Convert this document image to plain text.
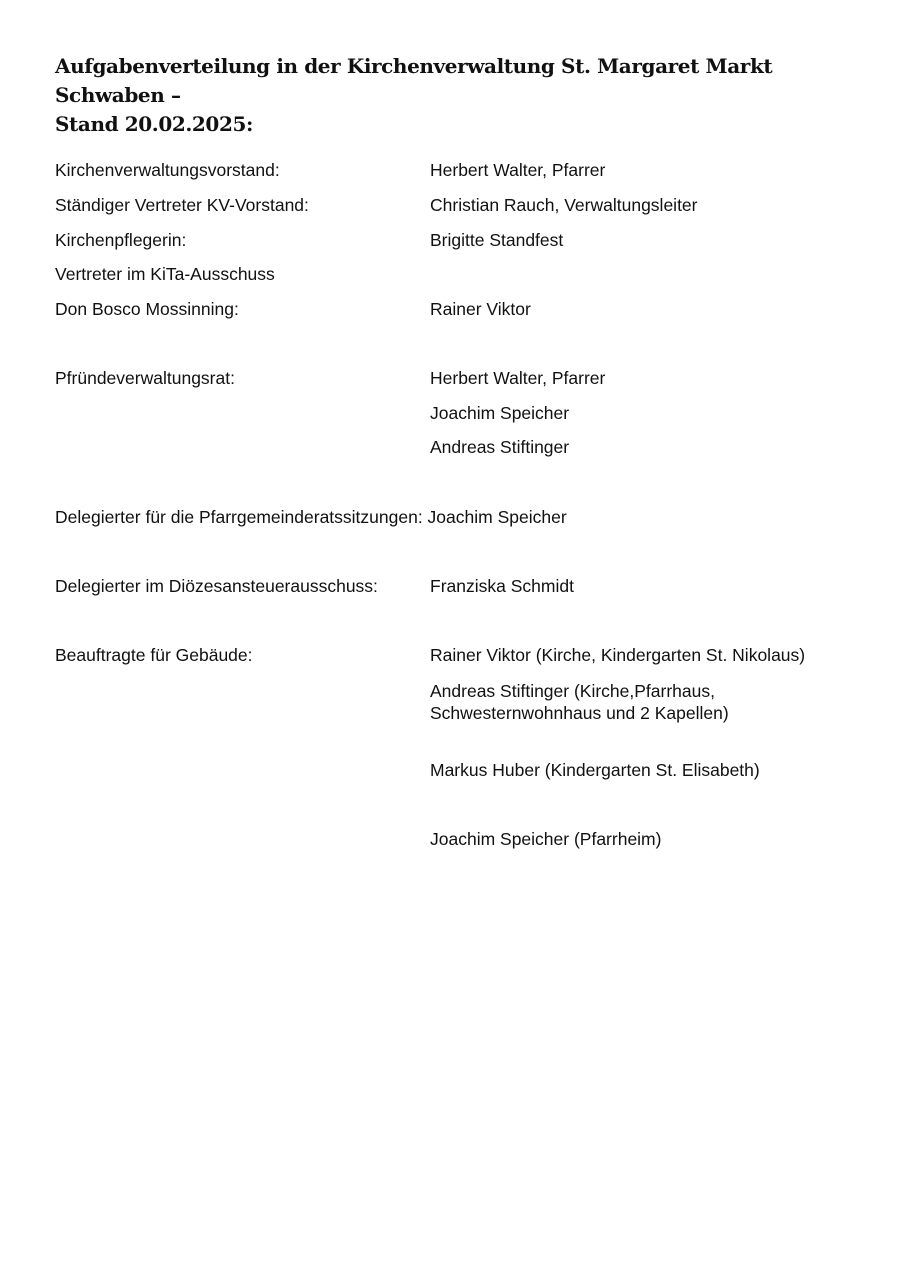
Aufgabenverteilung in der Kirchenverwaltung St. Margaret Markt Schwaben –
Stand 20.02.2025:
Kirchenverwaltungsvorstand:	Herbert Walter, Pfarrer
Ständiger Vertreter KV-Vorstand:	Christian Rauch, Verwaltungsleiter
Kirchenpflegerin:	Brigitte Standfest
Vertreter im KiTa-Ausschuss
Don Bosco Mossinning:	Rainer Viktor
Pfründeverwaltungsrat:	Herbert Walter, Pfarrer
Joachim Speicher
Andreas Stiftinger
Delegierter für die Pfarrgemeinderatssitzungen: Joachim Speicher
Delegierter im Diözesansteuerausschuss:	Franziska Schmidt
Beauftragte für Gebäude:	Rainer Viktor (Kirche, Kindergarten St. Nikolaus)
Andreas Stiftinger (Kirche,Pfarrhaus,
Schwesternwohnhaus und 2 Kapellen)
Markus Huber (Kindergarten St. Elisabeth)
Joachim Speicher (Pfarrheim)
